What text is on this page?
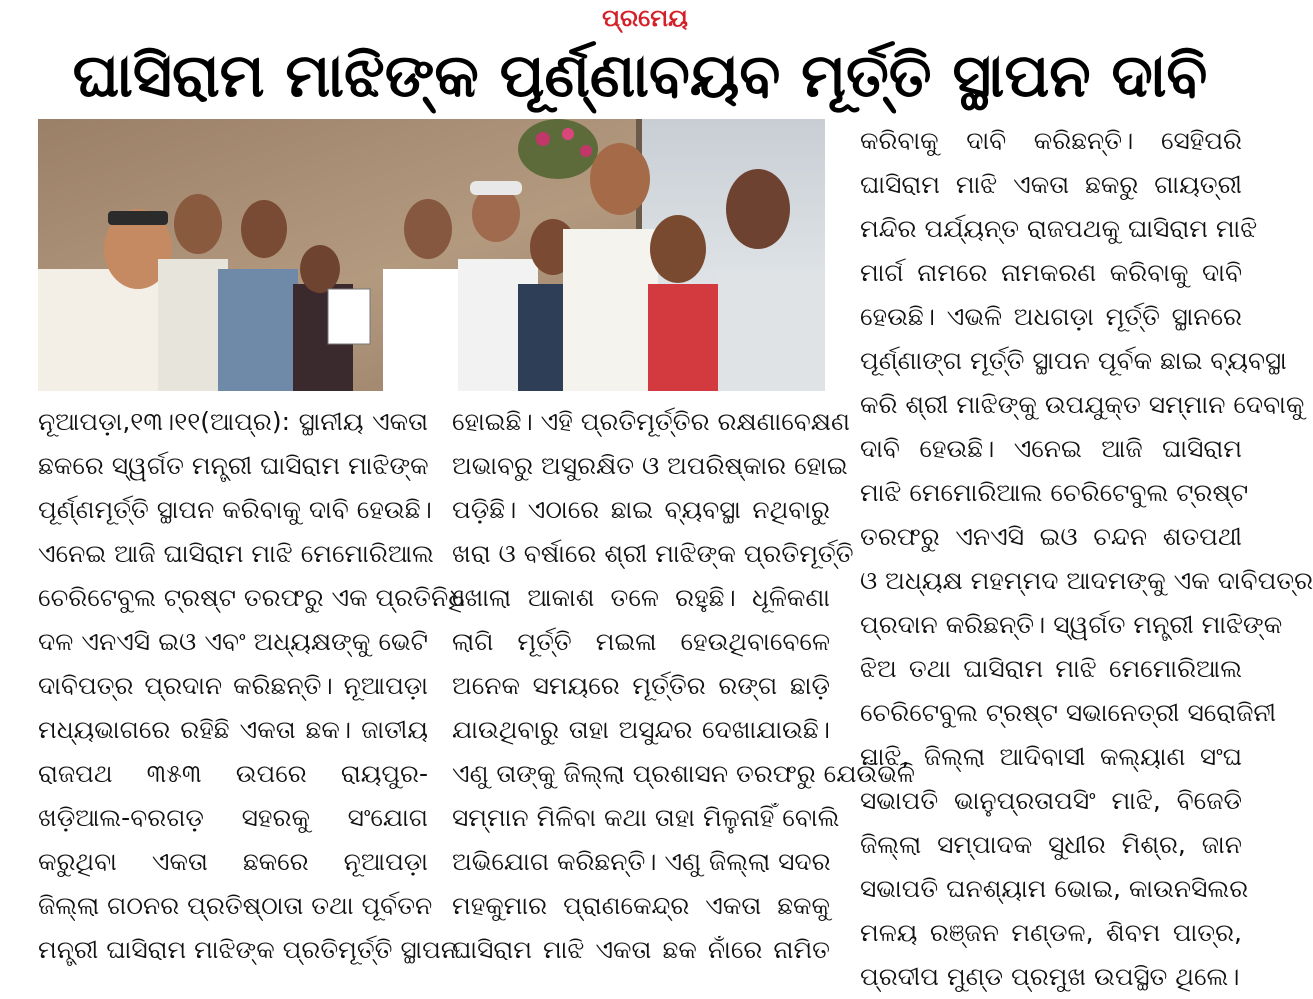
ପ୍ରମେୟ
ଘାସିରାମ ମାଝିଙ୍କ ପୂର୍ଣ୍ଣାବୟବ ମୂର୍ତ୍ତି ସ୍ଥାପନ ଦାବି
ନୂଆପଡ଼ା,୧୩।୧୧(ଆପ୍ର): ସ୍ଥାନୀୟ ଏକତା
ଛକରେ ସ୍ୱର୍ଗତ ମନ୍ତ୍ରୀ ଘାସିରାମ ମାଝିଙ୍କ
ପୂର୍ଣ୍ଣମୂର୍ତ୍ତି ସ୍ଥାପନ କରିବାକୁ ଦାବି ହେଉଛି।
ଏନେଇ ଆଜି ଘାସିରାମ ମାଝି ମେମୋରିଆଲ
ଚେରିଟେବୁଲ ଟ୍ରଷ୍ଟ ତରଫରୁ ଏକ ପ୍ରତିନିଧି
ଦଳ ଏନଏସି ଇଓ ଏବଂ ଅଧ୍ୟକ୍ଷଙ୍କୁ ଭେଟି
ଦାବିପତ୍ର ପ୍ରଦାନ କରିଛନ୍ତି। ନୂଆପଡ଼ା
ମଧ୍ୟଭାଗରେ ରହିଛି ଏକତା ଛକ। ଜାତୀୟ
ରାଜପଥ ୩୫୩ ଉପରେ ରାୟପୁର-
ଖଡ଼ିଆଲ-ବରଗଡ଼ ସହରକୁ ସଂଯୋଗ
କରୁଥିବା ଏକତା ଛକରେ ନୂଆପଡ଼ା
ଜିଲ୍ଲା ଗଠନର ପ୍ରତିଷ୍ଠାତା ତଥା ପୂର୍ବତନ
ମନ୍ତ୍ରୀ ଘାସିରାମ ମାଝିଙ୍କ ପ୍ରତିମୂର୍ତ୍ତି ସ୍ଥାପନ
ହୋଇଛି। ଏହି ପ୍ରତିମୂର୍ତ୍ତିର ରକ୍ଷଣାବେକ୍ଷଣ
ଅଭାବରୁ ଅସୁରକ୍ଷିତ ଓ ଅପରିଷ୍କାର ହୋଇ
ପଡ଼ିଛି। ଏଠାରେ ଛାଇ ବ୍ୟବସ୍ଥା ନଥିବାରୁ
ଖରା ଓ ବର୍ଷାରେ ଶ୍ରୀ ମାଝିଙ୍କ ପ୍ରତିମୂର୍ତ୍ତି
ଖୋଲା ଆକାଶ ତଳେ ରହୁଛି। ଧୂଳିକଣା
ଲାଗି ମୂର୍ତ୍ତି ମଇଳା ହେଉଥିବାବେଳେ
ଅନେକ ସମୟରେ ମୂର୍ତ୍ତିର ରଙ୍ଗ ଛାଡ଼ି
ଯାଉଥିବାରୁ ତାହା ଅସୁନ୍ଦର ଦେଖାଯାଉଛି।
ଏଣୁ ତାଙ୍କୁ ଜିଲ୍ଲା ପ୍ରଶାସନ ତରଫରୁ ଯେଉଁଭଳି
ସମ୍ମାନ ମିଳିବା କଥା ତାହା ମିଳୁନାହିଁ ବୋଲି
ଅଭିଯୋଗ କରିଛନ୍ତି। ଏଣୁ ଜିଲ୍ଲା ସଦର
ମହକୁମାର ପ୍ରାଣକେନ୍ଦ୍ର ଏକତା ଛକକୁ
ଘାସିରାମ ମାଝି ଏକତା ଛକ ନାଁରେ ନାମିତ
କରିବାକୁ ଦାବି କରିଛନ୍ତି। ସେହିପରି
ଘାସିରାମ ମାଝି ଏକତା ଛକରୁ ଗାୟତ୍ରୀ
ମନ୍ଦିର ପର୍ଯ୍ୟନ୍ତ ରାଜପଥକୁ ଘାସିରାମ ମାଝି
ମାର୍ଗ ନାମରେ ନାମକରଣ କରିବାକୁ ଦାବି
ହେଉଛି। ଏଭଳି ଅଧଗଡ଼ା ମୂର୍ତ୍ତି ସ୍ଥାନରେ
ପୂର୍ଣ୍ଣାଙ୍ଗ ମୂର୍ତ୍ତି ସ୍ଥାପନ ପୂର୍ବକ ଛାଇ ବ୍ୟବସ୍ଥା
କରି ଶ୍ରୀ ମାଝିଙ୍କୁ ଉପଯୁକ୍ତ ସମ୍ମାନ ଦେବାକୁ
ଦାବି ହେଉଛି। ଏନେଇ ଆଜି ଘାସିରାମ
ମାଝି ମେମୋରିଆଲ ଚେରିଟେବୁଲ ଟ୍ରଷ୍ଟ
ତରଫରୁ ଏନଏସି ଇଓ ଚନ୍ଦନ ଶତପଥୀ
ଓ ଅଧ୍ୟକ୍ଷ ମହମ୍ମଦ ଆଦମଙ୍କୁ ଏକ ଦାବିପତ୍ର
ପ୍ରଦାନ କରିଛନ୍ତି। ସ୍ୱର୍ଗତ ମନ୍ତ୍ରୀ ମାଝିଙ୍କ
ଝିଅ ତଥା ଘାସିରାମ ମାଝି ମେମୋରିଆଲ
ଚେରିଟେବୁଲ ଟ୍ରଷ୍ଟ ସଭାନେତ୍ରୀ ସରୋଜିନୀ
ମାଝି, ଜିଲ୍ଲା ଆଦିବାସୀ କଲ୍ୟାଣ ସଂଘ
ସଭାପତି ଭାନୁପ୍ରତାପସିଂ ମାଝି, ବିଜେଡି
ଜିଲ୍ଲା ସମ୍ପାଦକ ସୁଧୀର ମିଶ୍ର, ଜାନ
ସଭାପତି ଘନଶ୍ୟାମ ଭୋଇ, କାଉନସିଲର
ମଳୟ ରଞ୍ଜନ ମଣ୍ଡଳ, ଶିବମ ପାତ୍ର,
ପ୍ରଦୀପ ମୁଣ୍ଡ ପ୍ରମୁଖ ଉପସ୍ଥିତ ଥିଲେ।
